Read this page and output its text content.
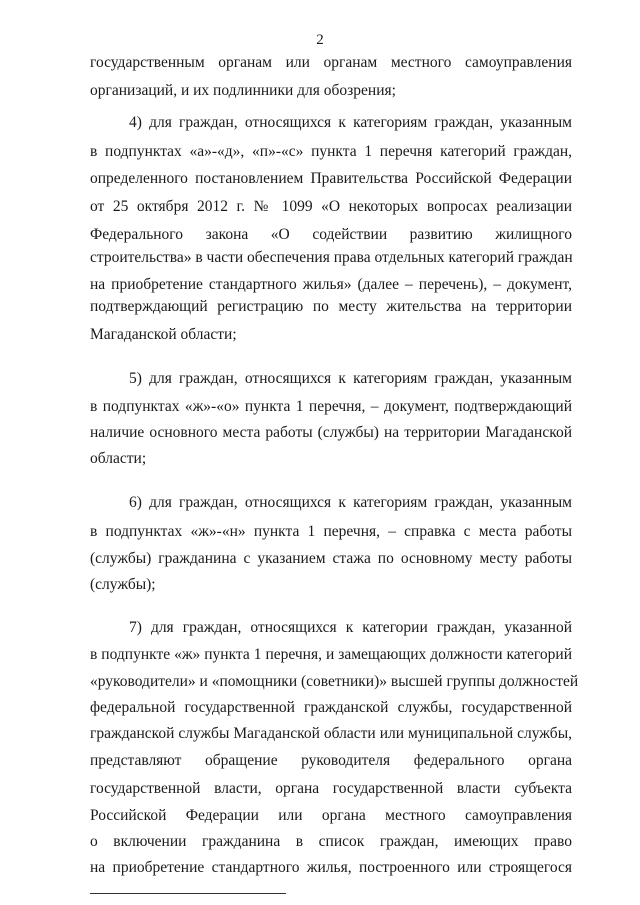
2
государственным органам или органам местного самоуправления
организаций, и их подлинники для обозрения;
4) для граждан, относящихся к категориям граждан, указанным
в подпунктах «а»-«д», «п»-«с» пункта 1 перечня категорий граждан,
определенного постановлением Правительства Российской Федерации
от 25 октября 2012 г. № 1099 «О некоторых вопросах реализации
Федерального закона «О содействии развитию жилищного
строительства» в части обеспечения права отдельных категорий граждан
на приобретение стандартного жилья» (далее – перечень), – документ,
подтверждающий регистрацию по месту жительства на территории
Магаданской области;
5) для граждан, относящихся к категориям граждан, указанным
в подпунктах «ж»-«о» пункта 1 перечня, – документ, подтверждающий
наличие основного места работы (службы) на территории Магаданской
области;
6) для граждан, относящихся к категориям граждан, указанным
в подпунктах «ж»-«н» пункта 1 перечня, – справка с места работы
(службы) гражданина с указанием стажа по основному месту работы
(службы);
7) для граждан, относящихся к категории граждан, указанной
в подпункте «ж» пункта 1 перечня, и замещающих должности категорий
«руководители» и «помощники (советники)» высшей группы должностей
федеральной государственной гражданской службы, государственной
гражданской службы Магаданской области или муниципальной службы,
представляют обращение руководителя федерального органа
государственной власти, органа государственной власти субъекта
Российской Федерации или органа местного самоуправления
о включении гражданина в список граждан, имеющих право
на приобретение стандартного жилья, построенного или строящегося
